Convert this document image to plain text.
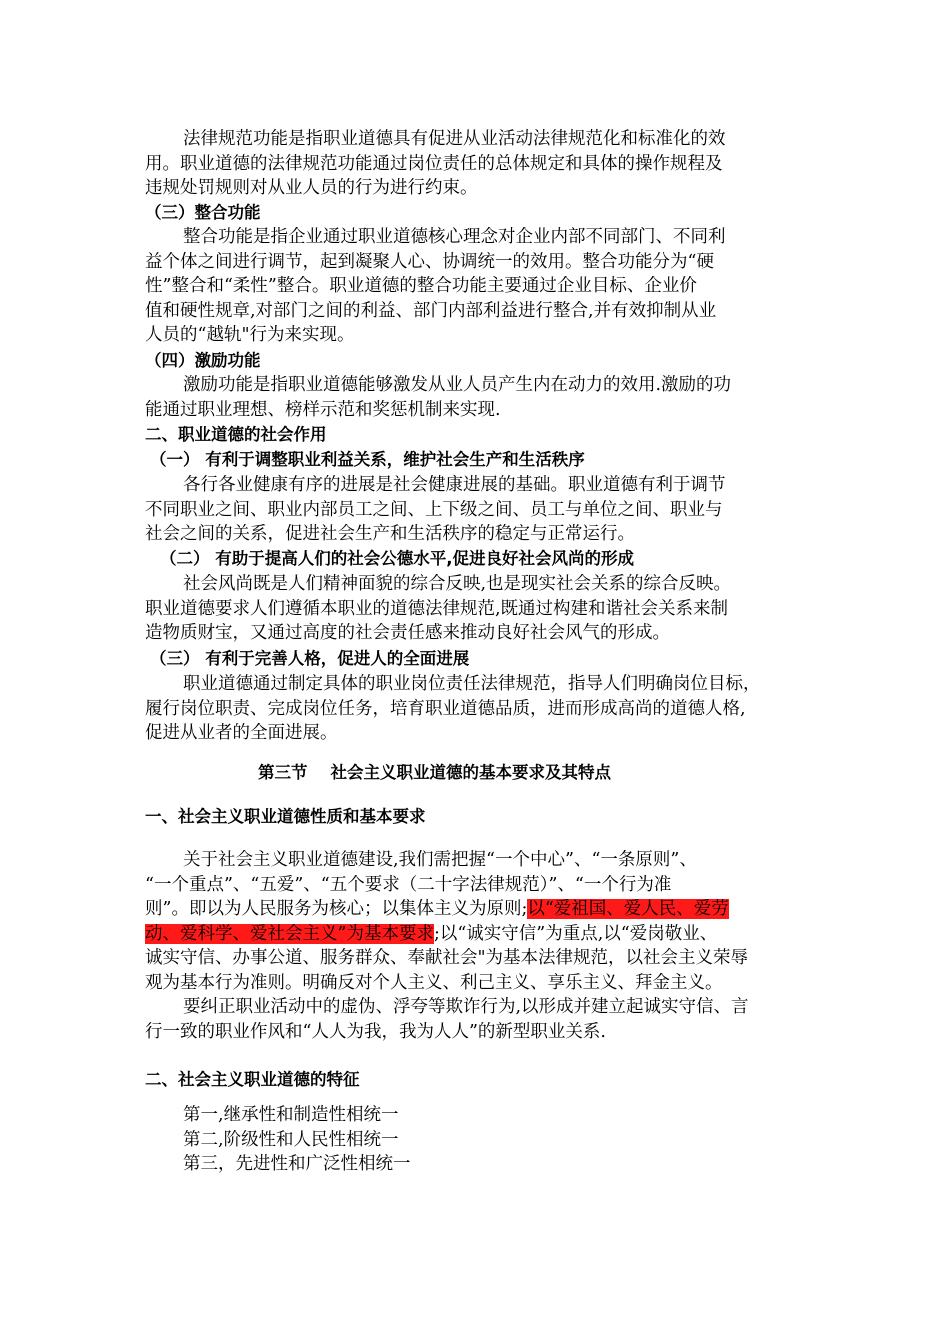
法律规范功能是指职业道德具有促进从业活动法律规范化和标准化的效
用。职业道德的法律规范功能通过岗位责任的总体规定和具体的操作规程及
违规处罚规则对从业人员的行为进行约束。
（三）整合功能
整合功能是指企业通过职业道德核心理念对企业内部不同部门、不同利
益个体之间进行调节，起到凝聚人心、协调统一的效用。整合功能分为“硬
性”整合和“柔性”整合。职业道德的整合功能主要通过企业目标、企业价
值和硬性规章,对部门之间的利益、部门内部利益进行整合,并有效抑制从业
人员的“越轨"行为来实现。
（四）激励功能
激励功能是指职业道德能够激发从业人员产生内在动力的效用.激励的功
能通过职业理想、榜样示范和奖惩机制来实现.
二、职业道德的社会作用
（一） 有利于调整职业利益关系，维护社会生产和生活秩序
各行各业健康有序的进展是社会健康进展的基础。职业道德有利于调节
不同职业之间、职业内部员工之间、上下级之间、员工与单位之间、职业与
社会之间的关系，促进社会生产和生活秩序的稳定与正常运行。
（二） 有助于提高人们的社会公德水平,促进良好社会风尚的形成
社会风尚既是人们精神面貌的综合反映,也是现实社会关系的综合反映。
职业道德要求人们遵循本职业的道德法律规范,既通过构建和谐社会关系来制
造物质财宝，又通过高度的社会责任感来推动良好社会风气的形成。
（三） 有利于完善人格，促进人的全面进展
职业道德通过制定具体的职业岗位责任法律规范，指导人们明确岗位目标，
履行岗位职责、完成岗位任务，培育职业道德品质，进而形成高尚的道德人格,
促进从业者的全面进展。
第三节    社会主义职业道德的基本要求及其特点
一、社会主义职业道德性质和基本要求
关于社会主义职业道德建设,我们需把握“一个中心”、“一条原则”、
“一个重点”、“五爱”、“五个要求（二十字法律规范）”、“一个行为准
则”。即以为人民服务为核心；以集体主义为原则;以“爱祖国、爱人民、爱劳
动、爱科学、爱社会主义”为基本要求;以“诚实守信”为重点,以“爱岗敬业、
诚实守信、办事公道、服务群众、奉献社会"为基本法律规范，以社会主义荣辱
观为基本行为准则。明确反对个人主义、利己主义、享乐主义、拜金主义。
要纠正职业活动中的虚伪、浮夸等欺诈行为,以形成并建立起诚实守信、言
行一致的职业作风和“人人为我，我为人人”的新型职业关系.
二、社会主义职业道德的特征
第一,继承性和制造性相统一
第二,阶级性和人民性相统一
第三，先进性和广泛性相统一
